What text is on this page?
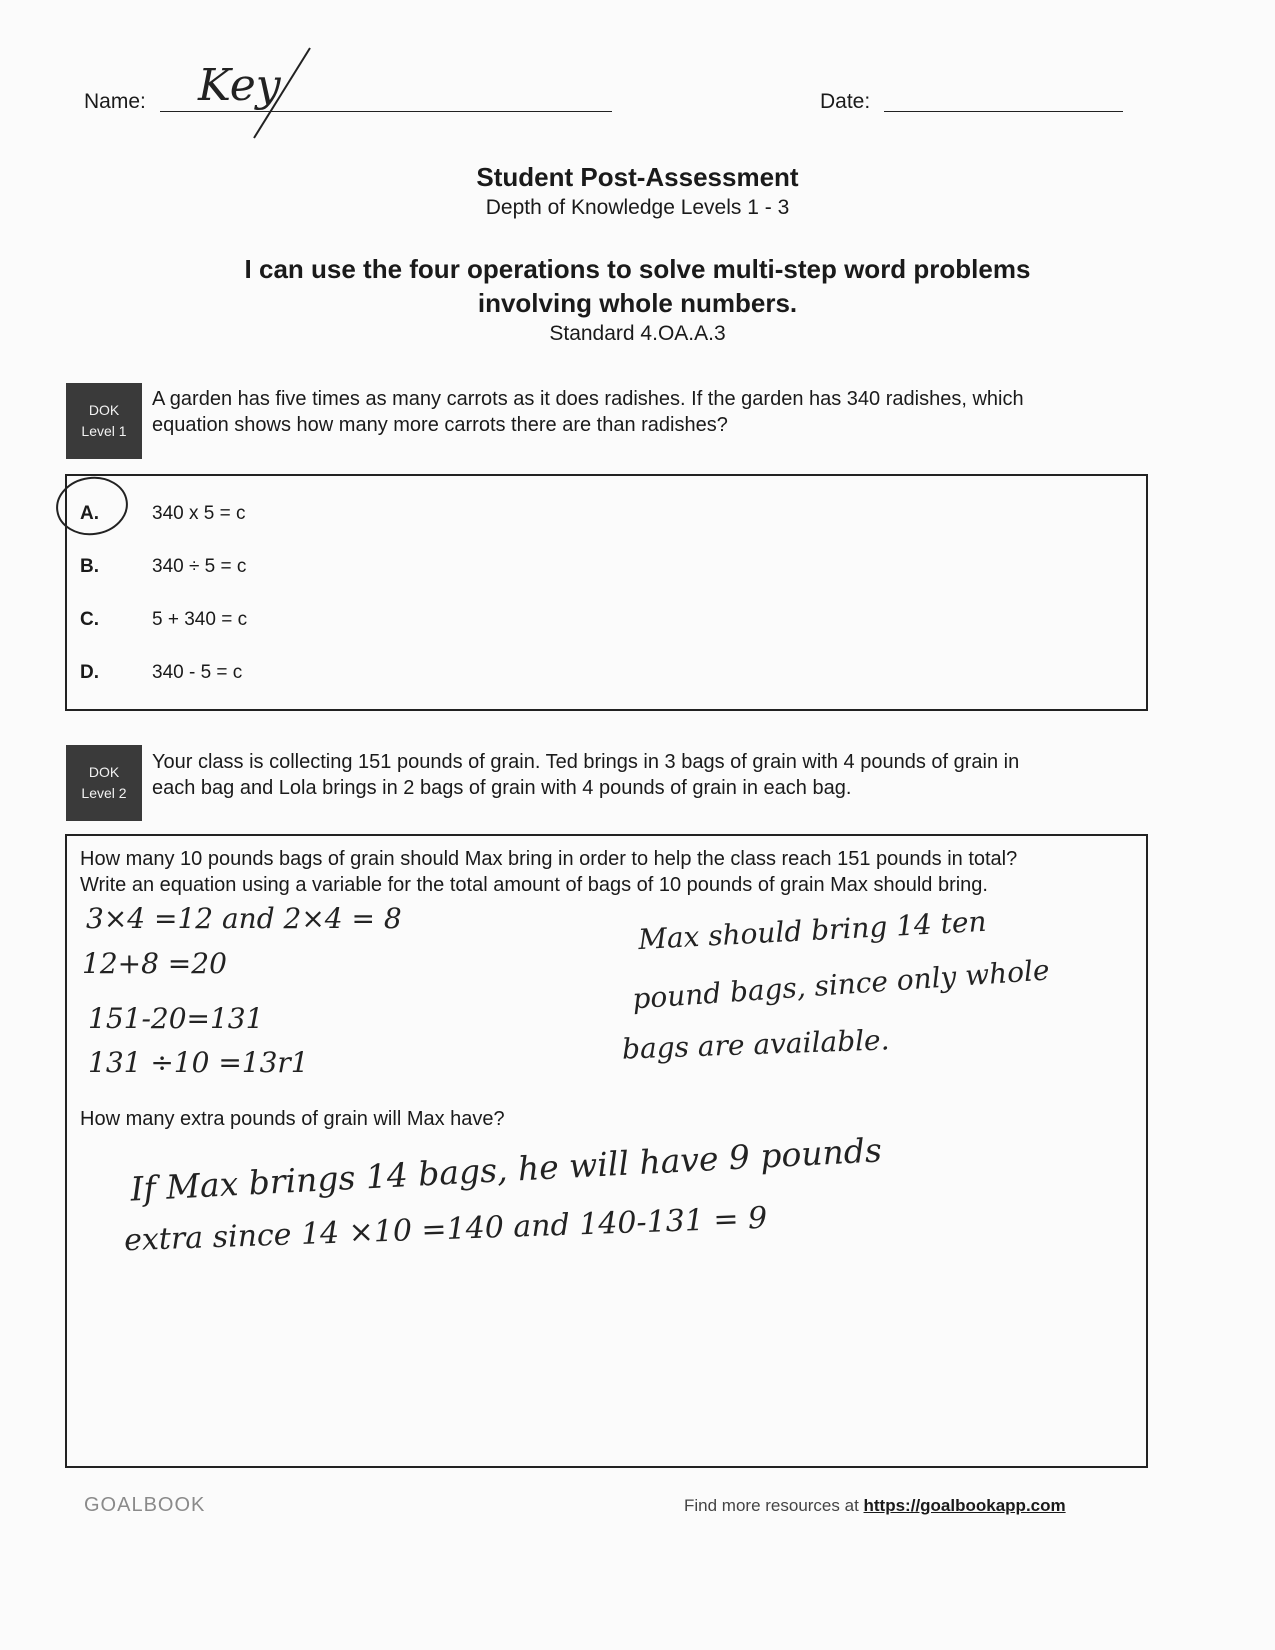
Name: Key	Date:
Student Post-Assessment
Depth of Knowledge Levels 1 - 3
I can use the four operations to solve multi-step word problems
involving whole numbers.
Standard 4.OA.A.3
DOK
Level 1
A garden has five times as many carrots as it does radishes. If the garden has 340 radishes, which
equation shows how many more carrots there are than radishes?
A.	340 x 5 = c
B.	340 ÷ 5 = c
C.	5 + 340 = c
D.	340 - 5 = c
DOK
Level 2
Your class is collecting 151 pounds of grain. Ted brings in 3 bags of grain with 4 pounds of grain in
each bag and Lola brings in 2 bags of grain with 4 pounds of grain in each bag.
How many 10 pounds bags of grain should Max bring in order to help the class reach 151 pounds in total?
Write an equation using a variable for the total amount of bags of 10 pounds of grain Max should bring.
3×4 =12 and 2×4 = 8
12+8 =20
151-20=131
131 ÷10 =13r1
Max should bring 14 ten
pound bags, since only whole
bags are available.
How many extra pounds of grain will Max have?
If Max brings 14 bags, he will have 9 pounds
extra since 14 ×10 =140 and 140-131 = 9
GOALBOOK	Find more resources at https://goalbookapp.com
